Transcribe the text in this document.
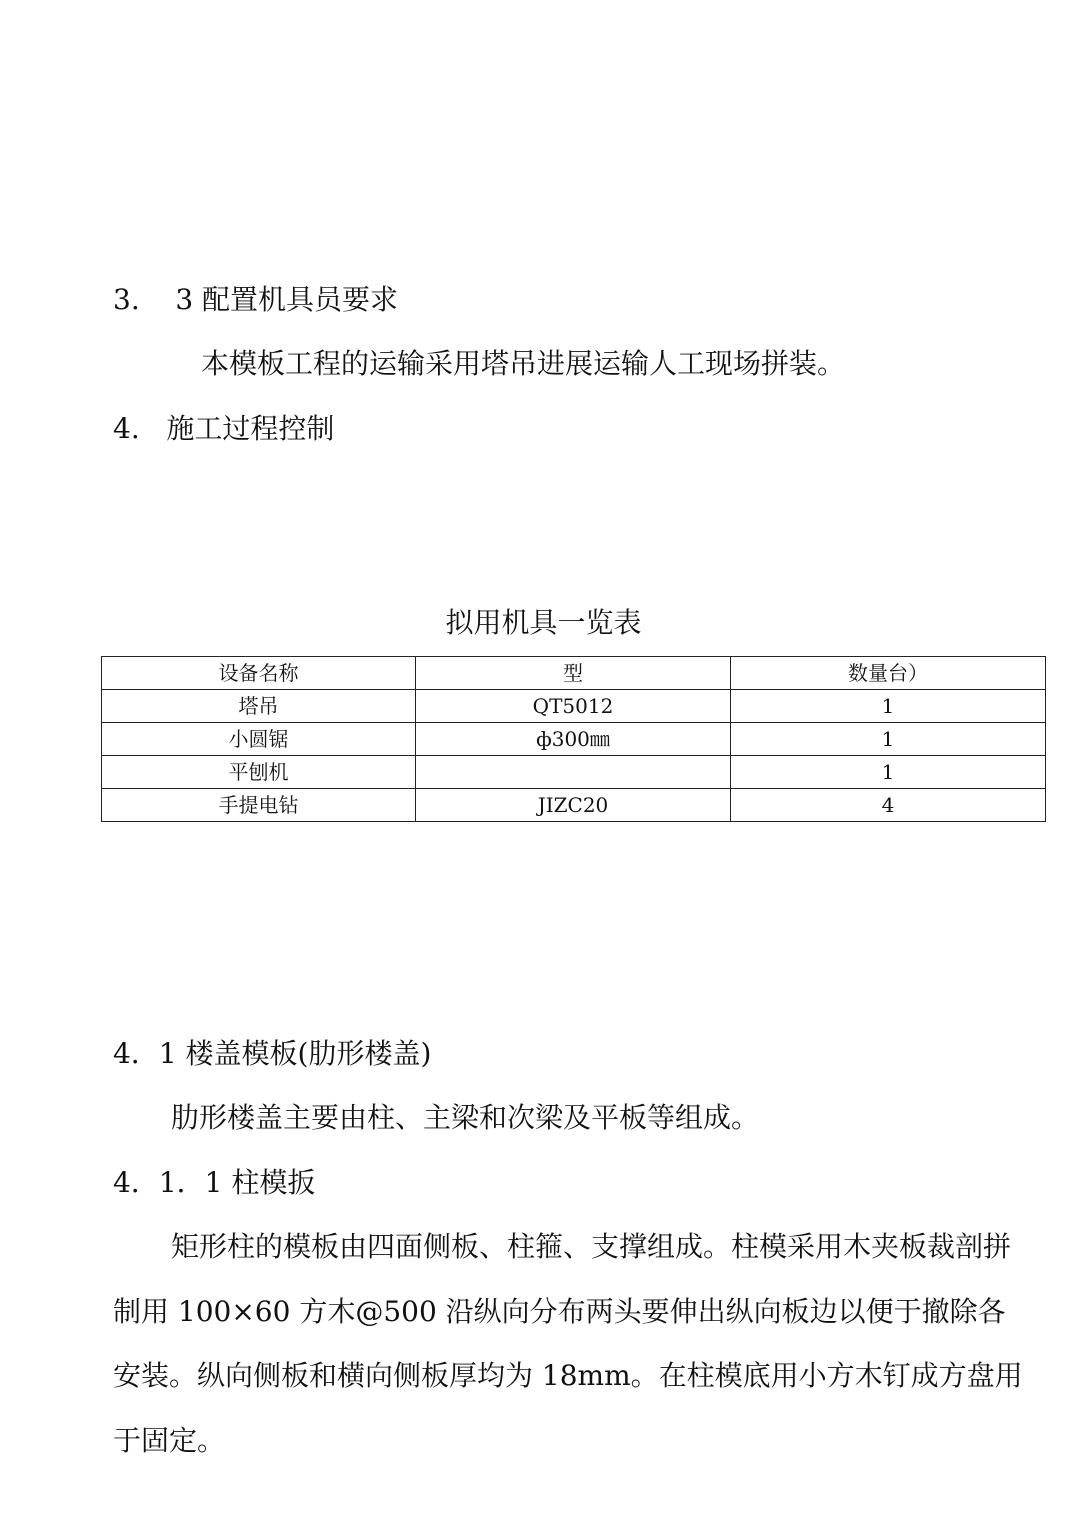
3.    3 配置机具员要求
本模板工程的运输采用塔吊进展运输人工现场拼装。
4.   施工过程控制
拟用机具一览表
设备名称	型	数量台）
塔吊	QT5012	1
小圆锯	ф300㎜	1
平刨机		1
手提电钻	JIZC20	4
4．1 楼盖模板(肋形楼盖)
肋形楼盖主要由柱、主梁和次梁及平板等组成。
4．1．1 柱模扳
矩形柱的模板由四面侧板、柱箍、支撑组成。柱模采用木夹板裁剖拼
制用 100×60 方木@500 沿纵向分布两头要伸出纵向板边以便于撤除各
安装。纵向侧板和横向侧板厚均为 18mm。在柱模底用小方木钉成方盘用
于固定。
